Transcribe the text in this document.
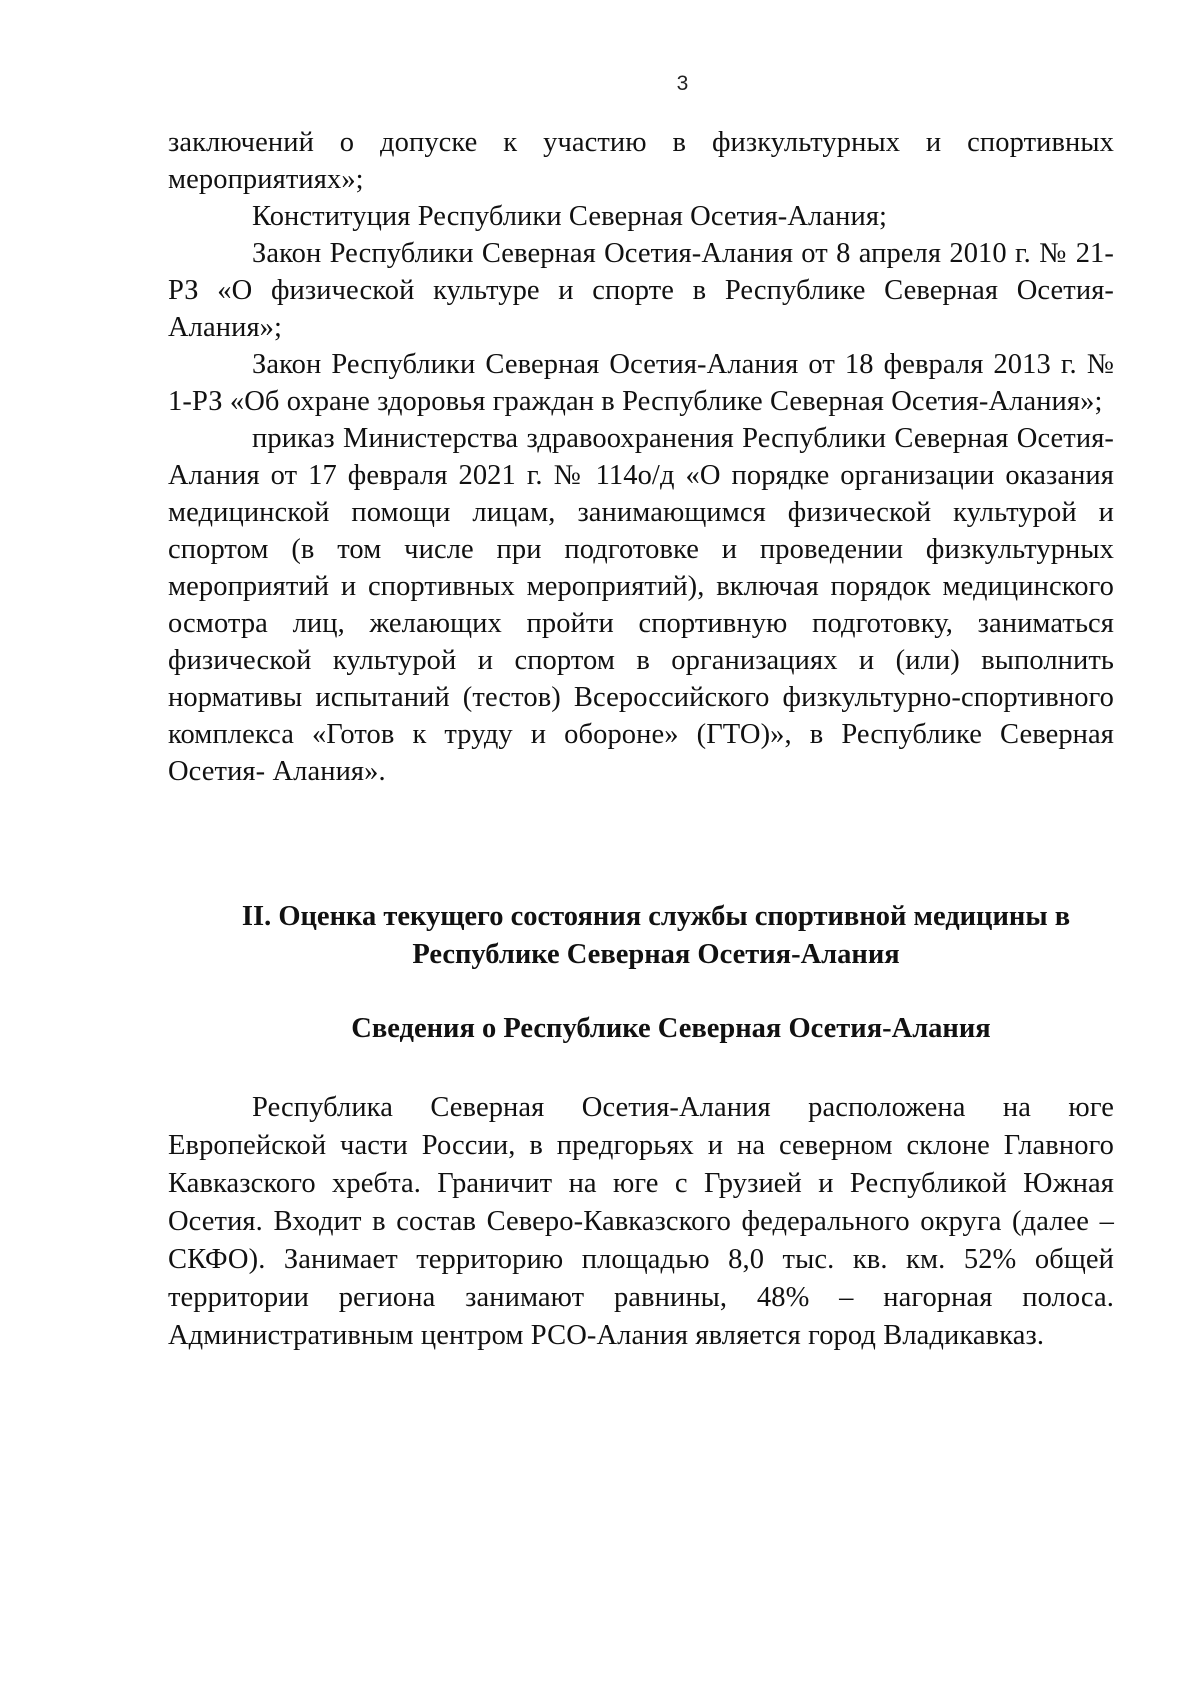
3

заключений о допуске к участию в физкультурных и спортивных мероприятиях»;

Конституция Республики Северная Осетия-Алания;

Закон Республики Северная Осетия-Алания от 8 апреля 2010 г. № 21-РЗ «О физической культуре и спорте в Республике Северная Осетия-Алания»;

Закон Республики Северная Осетия-Алания от 18 февраля 2013 г. № 1-РЗ «Об охране здоровья граждан в Республике Северная Осетия-Алания»;

приказ Министерства здравоохранения Республики Северная Осетия-Алания от 17 февраля 2021 г. № 114о/д «О порядке организации оказания медицинской помощи лицам, занимающимся физической культурой и спортом (в том числе при подготовке и проведении физкультурных мероприятий и спортивных мероприятий), включая порядок медицинского осмотра лиц, желающих пройти спортивную подготовку, заниматься физической культурой и спортом в организациях и (или) выполнить нормативы испытаний (тестов) Всероссийского физкультурно-спортивного комплекса «Готов к труду и обороне» (ГТО)», в Республике Северная Осетия- Алания».

II. Оценка текущего состояния службы спортивной медицины в
Республике Северная Осетия-Алания
Сведения о Республике Северная Осетия-Алания

Республика Северная Осетия-Алания расположена на юге Европейской части России, в предгорьях и на северном склоне Главного Кавказского хребта. Граничит на юге с Грузией и Республикой Южная Осетия. Входит в состав Северо-Кавказского федерального округа (далее – СКФО). Занимает территорию площадью 8,0 тыс. кв. км. 52% общей территории региона занимают равнины, 48% – нагорная полоса. Административным центром РСО-Алания является город Владикавказ.
